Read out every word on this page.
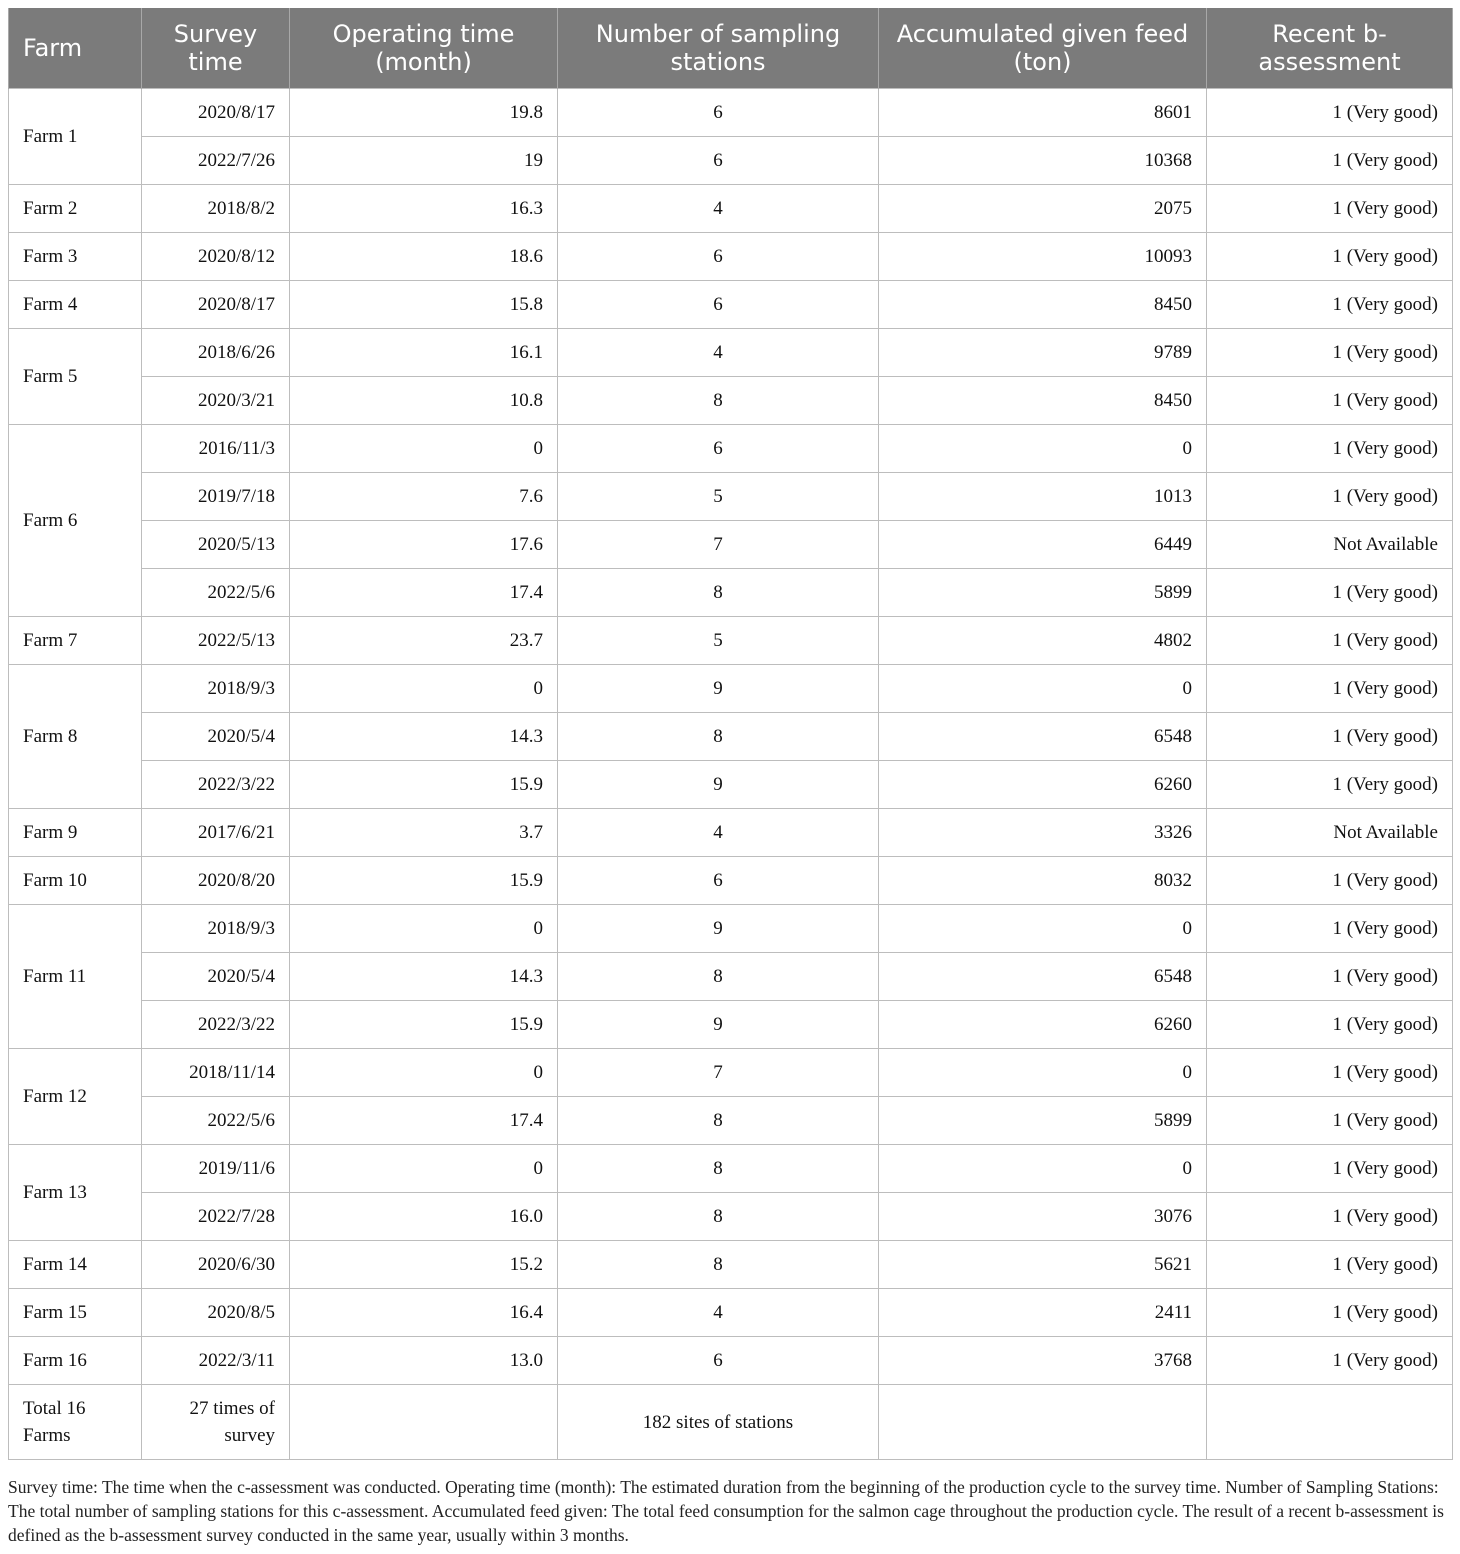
Farm	Survey time	Operating time (month)	Number of sampling stations	Accumulated given feed (ton)	Recent b-assessment
Farm 1	2020/8/17	19.8	6	8601	1 (Very good)
	2022/7/26	19	6	10368	1 (Very good)
Farm 2	2018/8/2	16.3	4	2075	1 (Very good)
Farm 3	2020/8/12	18.6	6	10093	1 (Very good)
Farm 4	2020/8/17	15.8	6	8450	1 (Very good)
Farm 5	2018/6/26	16.1	4	9789	1 (Very good)
	2020/3/21	10.8	8	8450	1 (Very good)
Farm 6	2016/11/3	0	6	0	1 (Very good)
	2019/7/18	7.6	5	1013	1 (Very good)
	2020/5/13	17.6	7	6449	Not Available
	2022/5/6	17.4	8	5899	1 (Very good)
Farm 7	2022/5/13	23.7	5	4802	1 (Very good)
Farm 8	2018/9/3	0	9	0	1 (Very good)
	2020/5/4	14.3	8	6548	1 (Very good)
	2022/3/22	15.9	9	6260	1 (Very good)
Farm 9	2017/6/21	3.7	4	3326	Not Available
Farm 10	2020/8/20	15.9	6	8032	1 (Very good)
Farm 11	2018/9/3	0	9	0	1 (Very good)
	2020/5/4	14.3	8	6548	1 (Very good)
	2022/3/22	15.9	9	6260	1 (Very good)
Farm 12	2018/11/14	0	7	0	1 (Very good)
	2022/5/6	17.4	8	5899	1 (Very good)
Farm 13	2019/11/6	0	8	0	1 (Very good)
	2022/7/28	16.0	8	3076	1 (Very good)
Farm 14	2020/6/30	15.2	8	5621	1 (Very good)
Farm 15	2020/8/5	16.4	4	2411	1 (Very good)
Farm 16	2022/3/11	13.0	6	3768	1 (Very good)
Total 16 Farms	27 times of survey		182 sites of stations		
Survey time: The time when the c-assessment was conducted. Operating time (month): The estimated duration from the beginning of the production cycle to the survey time. Number of Sampling Stations: The total number of sampling stations for this c-assessment. Accumulated feed given: The total feed consumption for the salmon cage throughout the production cycle. The result of a recent b-assessment is defined as the b-assessment survey conducted in the same year, usually within 3 months.
